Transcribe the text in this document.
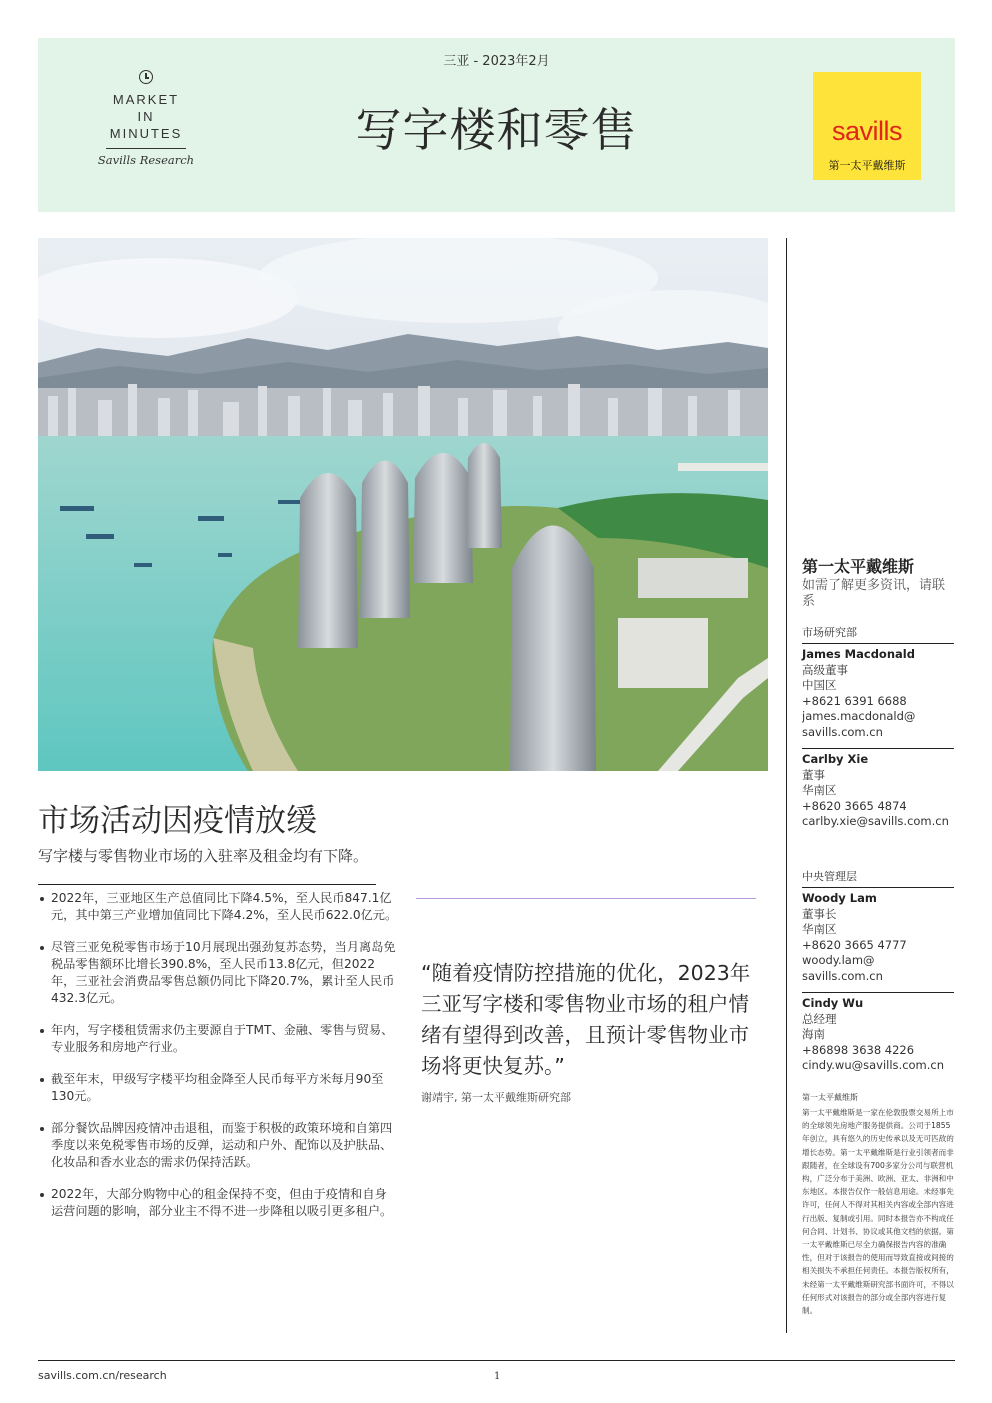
MARKET
IN
MINUTES
Savills Research
三亚 - 2023年2月
写字楼和零售	savills
第一太平戴维斯
市场活动因疫情放缓
写字楼与零售物业市场的入驻率及租金均有下降。
2022年，三亚地区生产总值同比下降4.5%，至人民币847.1亿元，其中第三产业增加值同比下降4.2%，至人民币622.0亿元。
尽管三亚免税零售市场于10月展现出强劲复苏态势，当月离岛免税品零售额环比增长390.8%，至人民币13.8亿元，但2022年，三亚社会消费品零售总额仍同比下降20.7%，累计至人民币432.3亿元。
年内，写字楼租赁需求仍主要源自于TMT、金融、零售与贸易、专业服务和房地产行业。
截至年末，甲级写字楼平均租金降至人民币每平方米每月90至130元。
部分餐饮品牌因疫情冲击退租，而鉴于积极的政策环境和自第四季度以来免税零售市场的反弹，运动和户外、配饰以及护肤品、化妆品和香水业态的需求仍保持活跃。
2022年，大部分购物中心的租金保持不变，但由于疫情和自身运营问题的影响，部分业主不得不进一步降租以吸引更多租户。
“随着疫情防控措施的优化，2023年三亚写字楼和零售物业市场的租户情绪有望得到改善，且预计零售物业市场将更快复苏。”
谢靖宇, 第一太平戴维斯研究部
第一太平戴维斯
如需了解更多资讯，请联系
市场研究部
James Macdonald
高级董事
中国区
+8621 6391 6688
james.macdonald@
savills.com.cn
Carlby Xie
董事
华南区
+8620 3665 4874
carlby.xie@savills.com.cn
中央管理层
Woody Lam
董事长
华南区
+8620 3665 4777
woody.lam@
savills.com.cn
Cindy Wu
总经理
海南
+86898 3638 4226
cindy.wu@savills.com.cn
第一太平戴维斯
第一太平戴维斯是一家在伦敦股票交易所上市的全球领先房地产服务提供商。公司于1855年创立，具有悠久的历史传承以及无可匹敌的增长态势。第一太平戴维斯是行业引领者而非跟随者，在全球设有700多家分公司与联营机构，广泛分布于美洲、欧洲、亚太、非洲和中东地区。本报告仅作一般信息用途。未经事先许可，任何人不得对其相关内容或全部内容进行出版、复制或引用。同时本报告亦不构成任何合同、计划书、协议或其他文档的依据。第一太平戴维斯已尽全力确保报告内容的准确性，但对于该报告的使用而导致直接或间接的相关损失不承担任何责任。本报告版权所有，未经第一太平戴维斯研究部书面许可，不得以任何形式对该报告的部分或全部内容进行复制。
savills.com.cn/research	1
